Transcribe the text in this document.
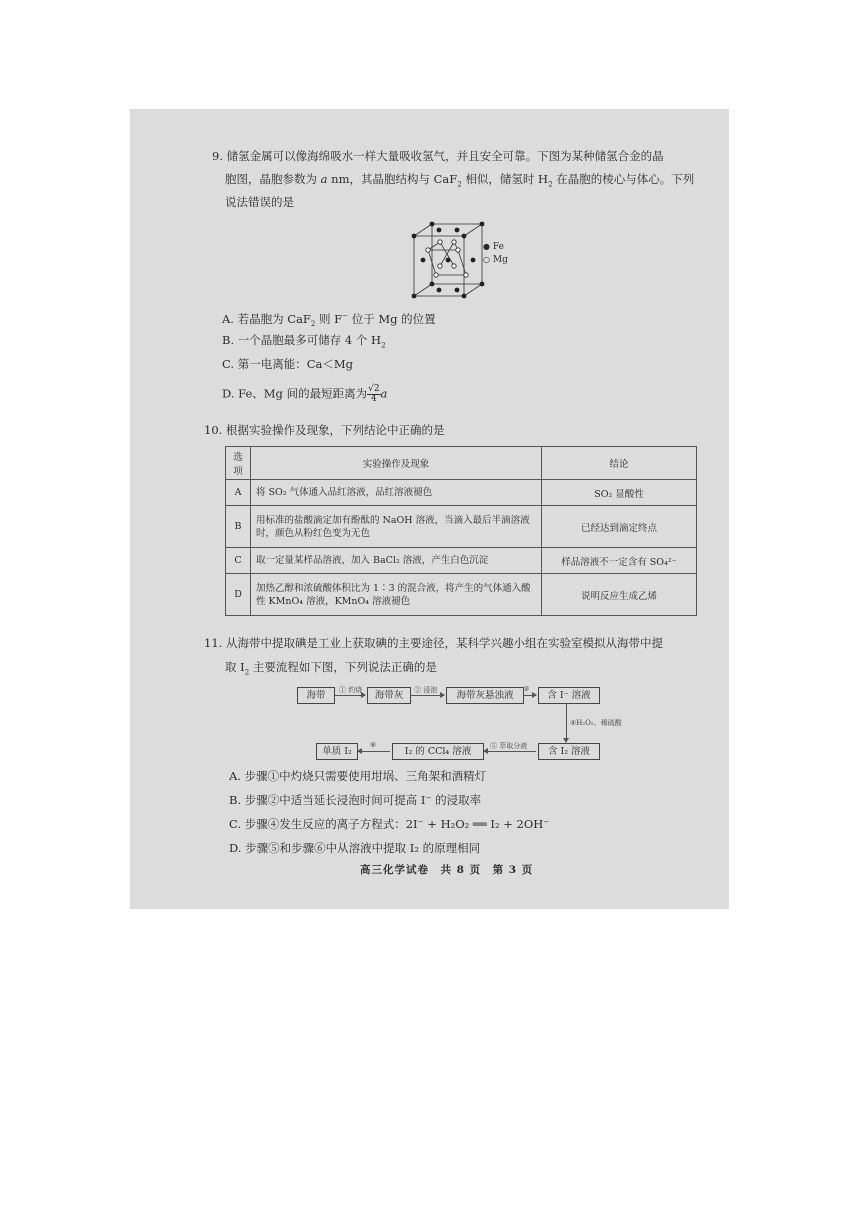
9. 储氢金属可以像海绵吸水一样大量吸收氢气，并且安全可靠。下图为某种储氢合金的晶
胞图，晶胞参数为 a nm，其晶胞结构与 CaF$_2$ 相似，储氢时 $H_2$ 在晶胞的棱心与体心。下列
说法错误的是
● Fe
○ Mg
A. 若晶胞为 CaF$_2$ 则 F− 位于 Mg 的位置
B. 一个晶胞最多可储存 4 个 $H_2$
C. 第一电离能：Ca＜Mg
D. Fe、Mg 间的最短距离为 $\frac{√2}{4}$ a
10. 根据实验操作及现象，下列结论中正确的是
选项	实验操作及现象	结论
A	将 SO₂ 气体通入品红溶液，品红溶液褪色	SO₂ 显酸性
B	用标准的盐酸滴定加有酚酞的 NaOH 溶液，当滴入最后半滴溶液时，颜色从粉红色变为无色	已经达到滴定终点
C	取一定量某样品溶液，加入 BaCl₂ 溶液，产生白色沉淀	样品溶液不一定含有 SO₄²⁻
D	加热乙醇和浓硫酸体积比为 1∶3 的混合液，将产生的气体通入酸性 KMnO₄ 溶液，KMnO₄ 溶液褪色	说明反应生成乙烯
11. 从海带中提取碘是工业上获取碘的主要途径，某科学兴趣小组在实验室模拟从海带中提
取 $I_2$ 主要流程如下图，下列说法正确的是
海带	① 灼烧	海带灰	② 浸泡	海带灰悬浊液
③
含 I⁻ 溶液
④H₂O₂、稀硫酸
含 I₂ 溶液
⑤ 萃取分液
I₂ 的 CCl₄ 溶液
⑥
单质 I₂
A. 步骤①中灼烧只需要使用坩埚、三角架和酒精灯
B. 步骤②中适当延长浸泡时间可提高 I⁻ 的浸取率
C. 步骤④发生反应的离子方程式：2I⁻ + H₂O₂ ══ I₂ + 2OH⁻
D. 步骤⑤和步骤⑥中从溶液中提取 I₂ 的原理相同
高三化学试卷　共 8 页　第 3 页
